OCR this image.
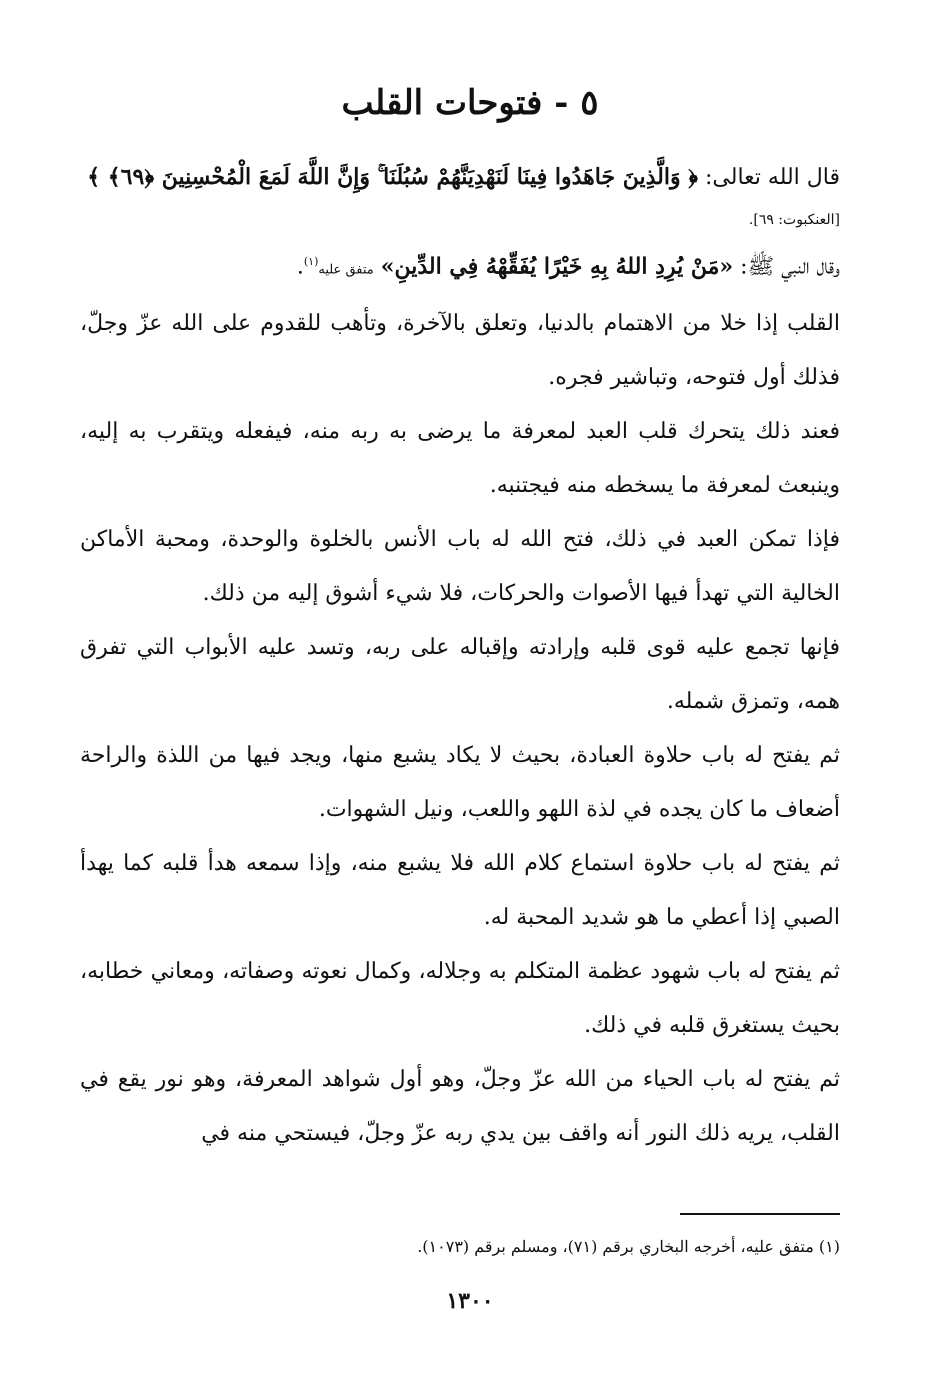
٥ - فتوحات القلب

قال الله تعالى: ﴿ وَالَّذِينَ جَاهَدُوا فِينَا لَنَهْدِيَنَّهُمْ سُبُلَنَا ۚ وَإِنَّ اللَّهَ لَمَعَ الْمُحْسِنِينَ ﴿٦٩﴾ ﴾

[العنكبوت: ٦٩].

وقال النبي ﷺ: «مَنْ يُرِدِ اللهُ بِهِ خَيْرًا يُفَقِّهْهُ فِي الدِّينِ» متفق عليه$^{(١)}$.

القلب إذا خلا من الاهتمام بالدنيا، وتعلق بالآخرة، وتأهب للقدوم على الله عزّ وجلّ، فذلك أول فتوحه، وتباشير فجره.

فعند ذلك يتحرك قلب العبد لمعرفة ما يرضى به ربه منه، فيفعله ويتقرب به إليه، وينبعث لمعرفة ما يسخطه منه فيجتنبه.

فإذا تمكن العبد في ذلك، فتح الله له باب الأنس بالخلوة والوحدة، ومحبة الأماكن الخالية التي تهدأ فيها الأصوات والحركات، فلا شيء أشوق إليه من ذلك.

فإنها تجمع عليه قوى قلبه وإرادته وإقباله على ربه، وتسد عليه الأبواب التي تفرق همه، وتمزق شمله.

ثم يفتح له باب حلاوة العبادة، بحيث لا يكاد يشبع منها، ويجد فيها من اللذة والراحة أضعاف ما كان يجده في لذة اللهو واللعب، ونيل الشهوات.

ثم يفتح له باب حلاوة استماع كلام الله فلا يشبع منه، وإذا سمعه هدأ قلبه كما يهدأ الصبي إذا أعطي ما هو شديد المحبة له.

ثم يفتح له باب شهود عظمة المتكلم به وجلاله، وكمال نعوته وصفاته، ومعاني خطابه، بحيث يستغرق قلبه في ذلك.

ثم يفتح له باب الحياء من الله عزّ وجلّ، وهو أول شواهد المعرفة، وهو نور يقع في القلب، يريه ذلك النور أنه واقف بين يدي ربه عزّ وجلّ، فيستحي منه في

(١) متفق عليه، أخرجه البخاري برقم (٧١)، ومسلم برقم (١٠٧٣).
١٣٠٠
